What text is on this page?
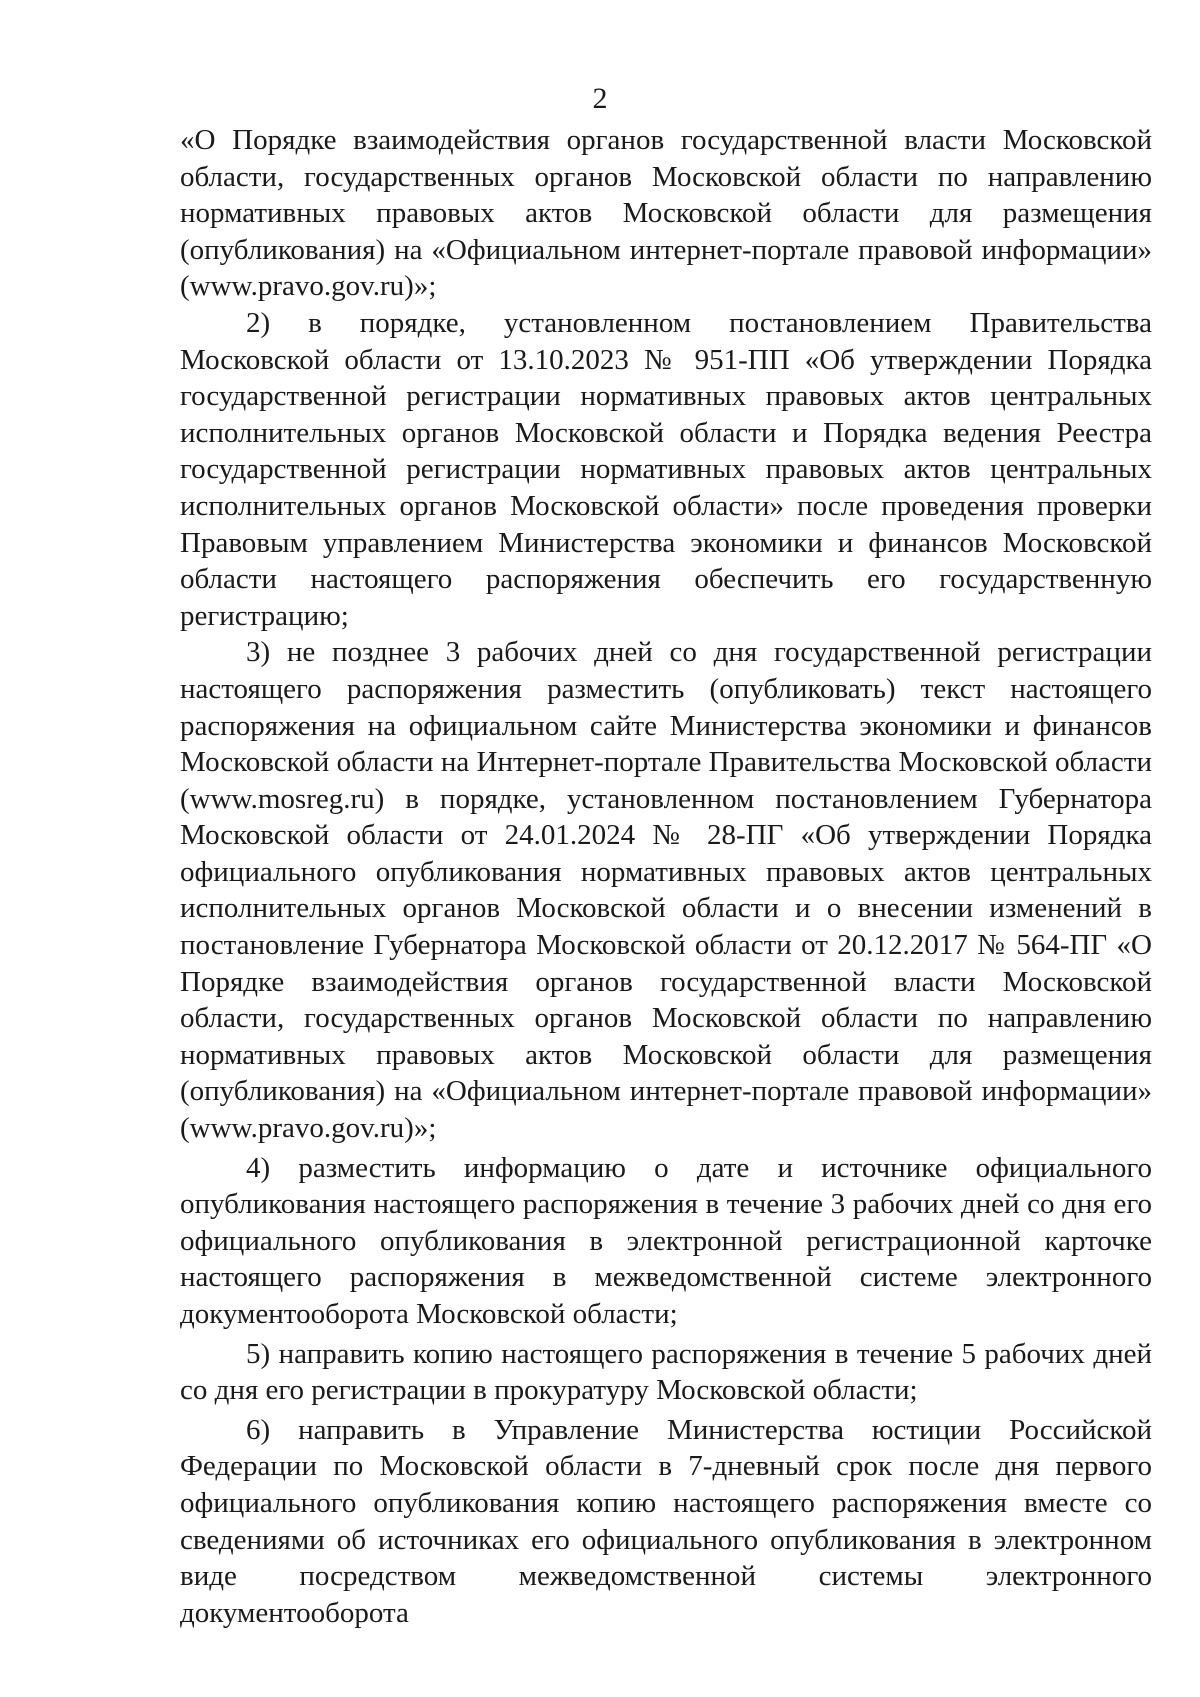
2

«О Порядке взаимодействия органов государственной власти Московской области, государственных органов Московской области по направлению нормативных правовых актов Московской области для размещения (опубликования) на «Официальном интернет-портале правовой информации» (www.pravo.gov.ru)»;

2) в порядке, установленном постановлением Правительства Московской области от 13.10.2023 № 951-ПП «Об утверждении Порядка государственной регистрации нормативных правовых актов центральных исполнительных органов Московской области и Порядка ведения Реестра государственной регистрации нормативных правовых актов центральных исполнительных органов Московской области» после проведения проверки Правовым управлением Министерства экономики и финансов Московской области настоящего распоряжения обеспечить его государственную регистрацию;

3) не позднее 3 рабочих дней со дня государственной регистрации настоящего распоряжения разместить (опубликовать) текст настоящего распоряжения на официальном сайте Министерства экономики и финансов Московской области на Интернет-портале Правительства Московской области (www.mosreg.ru) в порядке, установленном постановлением Губернатора Московской области от 24.01.2024 № 28-ПГ «Об утверждении Порядка официального опубликования нормативных правовых актов центральных исполнительных органов Московской области и о внесении изменений в постановление Губернатора Московской области от 20.12.2017 № 564-ПГ «О Порядке взаимодействия органов государственной власти Московской области, государственных органов Московской области по направлению нормативных правовых актов Московской области для размещения (опубликования) на «Официальном интернет-портале правовой информации» (www.pravo.gov.ru)»;

4) разместить информацию о дате и источнике официального опубликования настоящего распоряжения в течение 3 рабочих дней со дня его официального опубликования в электронной регистрационной карточке настоящего распоряжения в межведомственной системе электронного документооборота Московской области;

5) направить копию настоящего распоряжения в течение 5 рабочих дней со дня его регистрации в прокуратуру Московской области;

6) направить в Управление Министерства юстиции Российской Федерации по Московской области в 7-дневный срок после дня первого официального опубликования копию настоящего распоряжения вместе со сведениями об источниках его официального опубликования в электронном виде посредством межведомственной системы электронного документооборота
